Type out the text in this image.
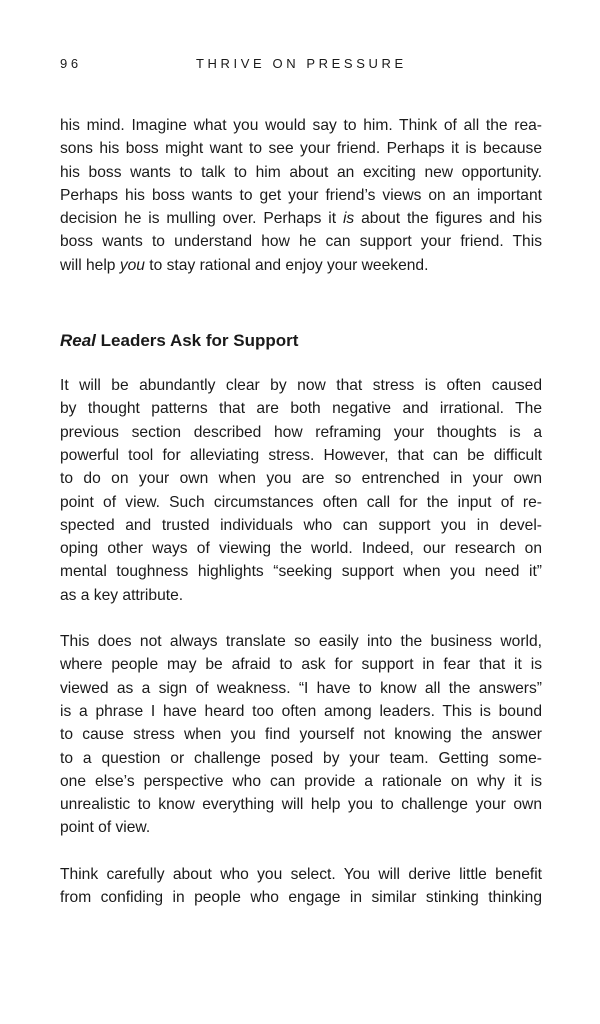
96	THRIVE ON PRESSURE

his mind. Imagine what you would say to him. Think of all the rea-
sons his boss might want to see your friend. Perhaps it is because
his boss wants to talk to him about an exciting new opportunity.
Perhaps his boss wants to get your friend’s views on an important
decision he is mulling over. Perhaps it is about the figures and his
boss wants to understand how he can support your friend. This
will help you to stay rational and enjoy your weekend.

Real Leaders Ask for Support

It will be abundantly clear by now that stress is often caused
by thought patterns that are both negative and irrational. The
previous section described how reframing your thoughts is a
powerful tool for alleviating stress. However, that can be difficult
to do on your own when you are so entrenched in your own
point of view. Such circumstances often call for the input of re-
spected and trusted individuals who can support you in devel-
oping other ways of viewing the world. Indeed, our research on
mental toughness highlights “seeking support when you need it”
as a key attribute.

This does not always translate so easily into the business world,
where people may be afraid to ask for support in fear that it is
viewed as a sign of weakness. “I have to know all the answers”
is a phrase I have heard too often among leaders. This is bound
to cause stress when you find yourself not knowing the answer
to a question or challenge posed by your team. Getting some-
one else’s perspective who can provide a rationale on why it is
unrealistic to know everything will help you to challenge your own
point of view.

Think carefully about who you select. You will derive little benefit
from confiding in people who engage in similar stinking thinking
